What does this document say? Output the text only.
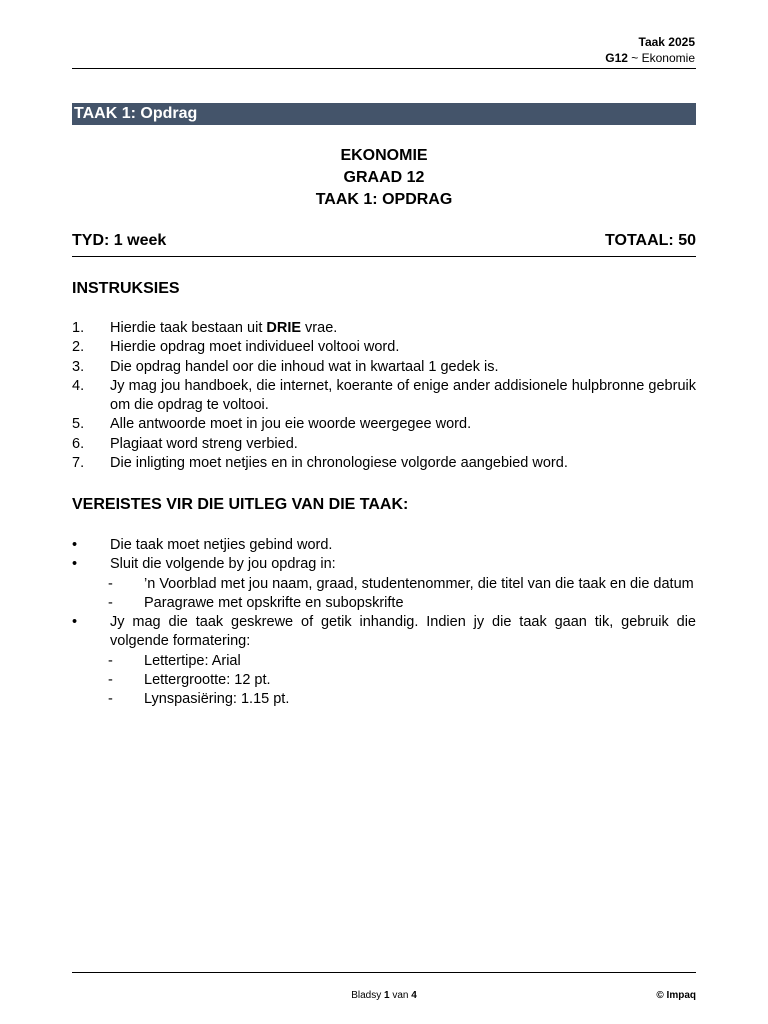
Taak 2025
G12 ~ Ekonomie
TAAK 1: Opdrag
EKONOMIE
GRAAD 12
TAAK 1: OPDRAG
TYD: 1 week	TOTAAL: 50
INSTRUKSIES
1.	Hierdie taak bestaan uit DRIE vrae.
2.	Hierdie opdrag moet individueel voltooi word.
3.	Die opdrag handel oor die inhoud wat in kwartaal 1 gedek is.
4.	Jy mag jou handboek, die internet, koerante of enige ander addisionele hulpbronne gebruik om die opdrag te voltooi.
5.	Alle antwoorde moet in jou eie woorde weergegee word.
6.	Plagiaat word streng verbied.
7.	Die inligting moet netjies en in chronologiese volgorde aangebied word.
VEREISTES VIR DIE UITLEG VAN DIE TAAK:
•	Die taak moet netjies gebind word.
•	Sluit die volgende by jou opdrag in:
-	’n Voorblad met jou naam, graad, studentenommer, die titel van die taak en die datum
-	Paragrawe met opskrifte en subopskrifte
•	Jy mag die taak geskrewe of getik inhandig. Indien jy die taak gaan tik, gebruik die volgende formatering:
-	Lettertipe: Arial
-	Lettergrootte: 12 pt.
-	Lynspasiëring: 1.15 pt.
Bladsy 1 van 4	© Impaq
